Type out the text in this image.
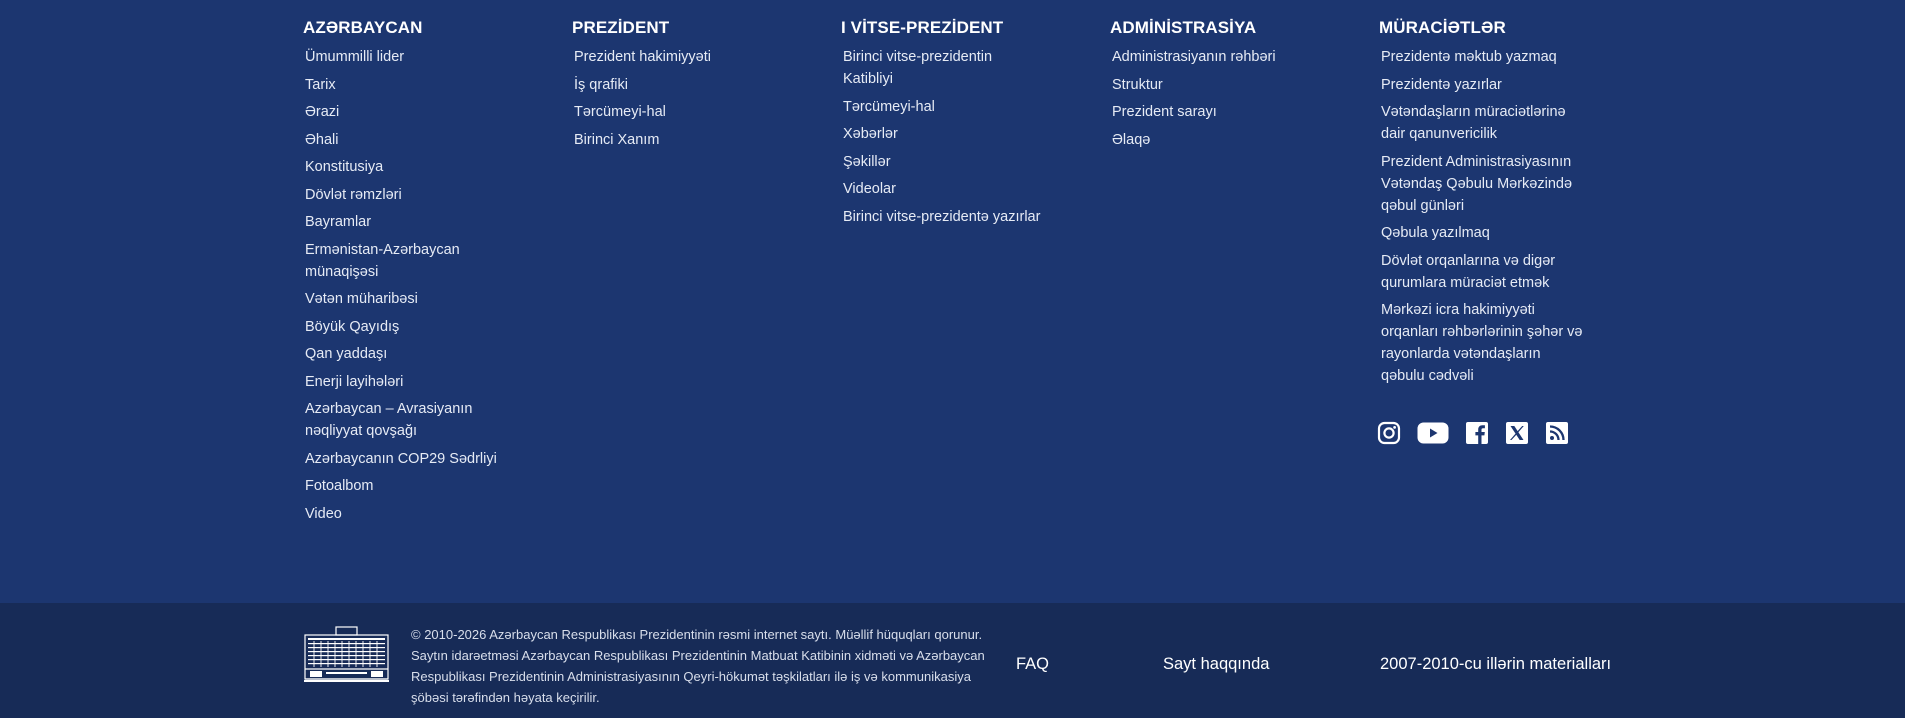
AZƏRBAYCAN
Ümummilli lider
Tarix
Ərazi
Əhali
Konstitusiya
Dövlət rəmzləri
Bayramlar
Ermənistan-Azərbaycan münaqişəsi
Vətən müharibəsi
Böyük Qayıdış
Qan yaddaşı
Enerji layihələri
Azərbaycan – Avrasiyanın nəqliyyat qovşağı
Azərbaycanın COP29 Sədrliyi
Fotoalbom
Video
PREZİDENT
Prezident hakimiyyəti
İş qrafiki
Tərcümeyi-hal
Birinci Xanım
I VİTSE-PREZİDENT
Birinci vitse-prezidentin Katibliyi
Tərcümeyi-hal
Xəbərlər
Şəkillər
Videolar
Birinci vitse-prezidentə yazırlar
ADMİNİSTRASİYA
Administrasiyanın rəhbəri
Struktur
Prezident sarayı
Əlaqə
MÜRACİƏTLƏR
Prezidentə məktub yazmaq
Prezidentə yazırlar
Vətəndaşların müraciətlərinə dair qanunvericilik
Prezident Administrasiyasının Vətəndaş Qəbulu Mərkəzində qəbul günləri
Qəbula yazılmaq
Dövlət orqanlarına və digər qurumlara müraciət etmək
Mərkəzi icra hakimiyyəti orqanları rəhbərlərinin şəhər və rayonlarda vətəndaşların qəbulu cədvəli
© 2010-2026 Azərbaycan Respublikası Prezidentinin rəsmi internet saytı. Müəllif hüquqları qorunur. Saytın idarəetməsi Azərbaycan Respublikası Prezidentinin Matbuat Katibinin xidməti və Azərbaycan Respublikası Prezidentinin Administrasiyasının Qeyri-hökumət təşkilatları ilə iş və kommunikasiya şöbəsi tərəfindən həyata keçirilir.
FAQ	Sayt haqqında	2007-2010-cu illərin materialları
